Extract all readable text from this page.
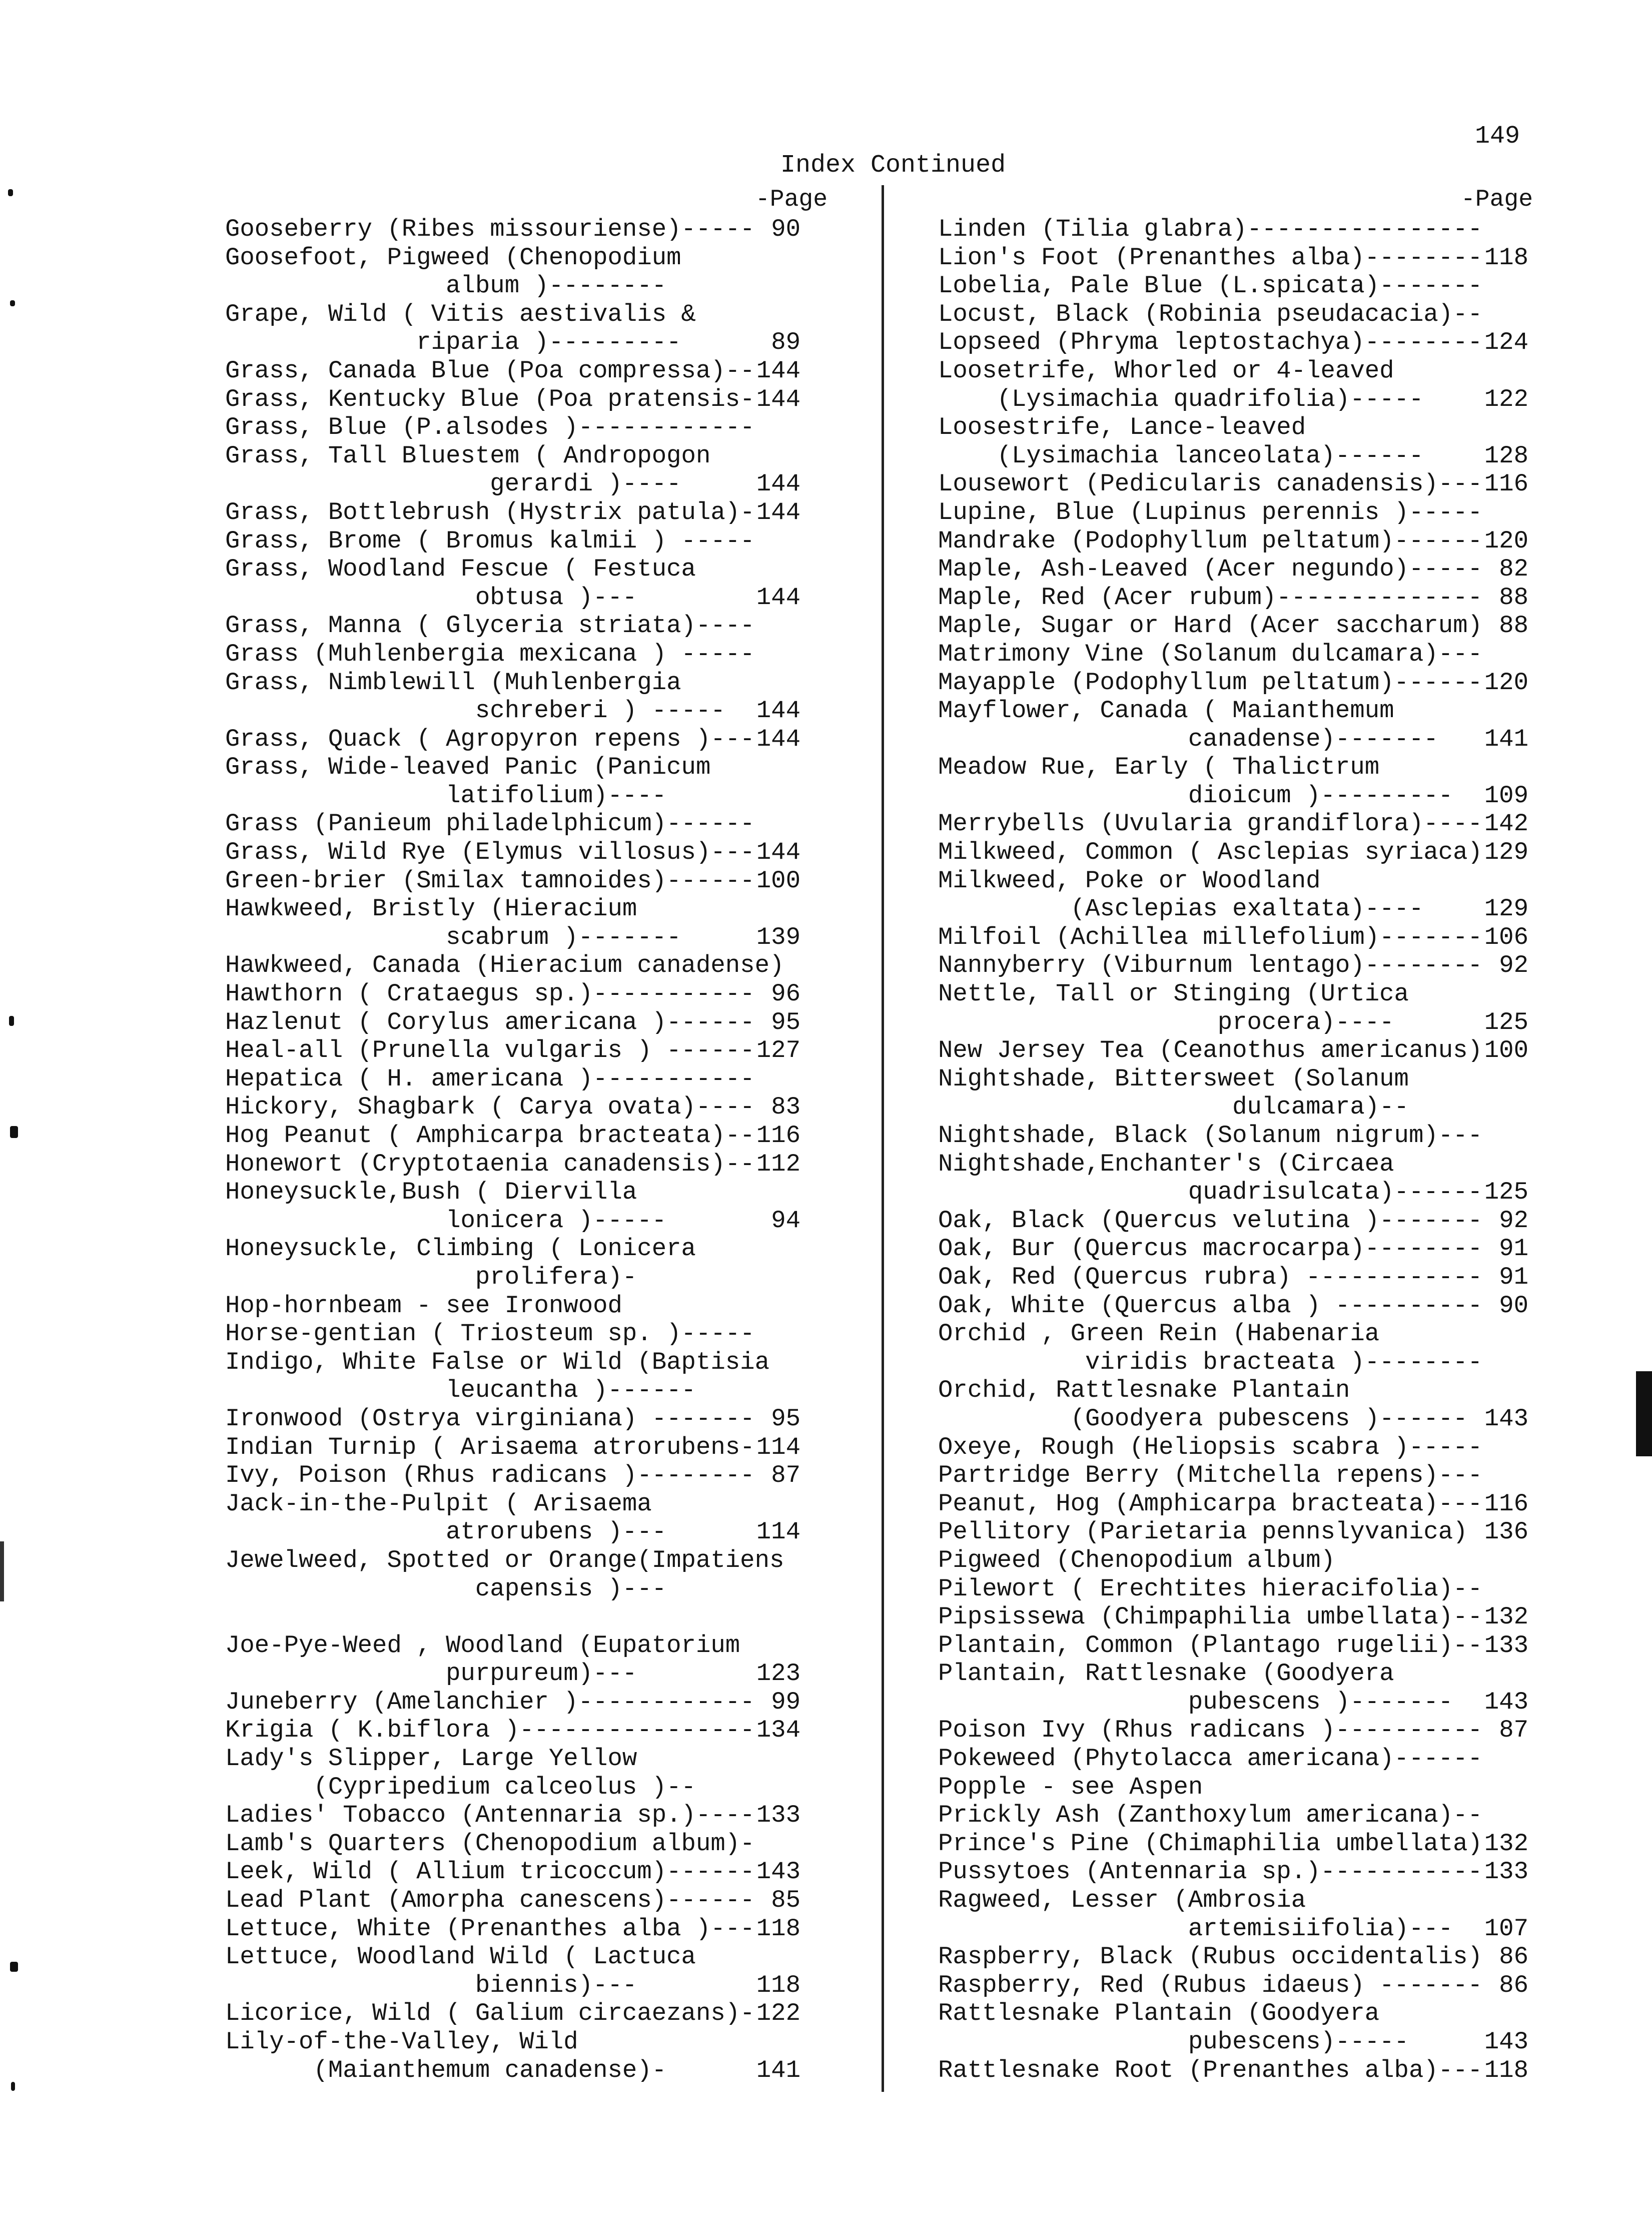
149
Index Continued
-Page	-Page
Gooseberry (Ribes missouriense)----- 90
Goosefoot, Pigweed (Chenopodium
album )--------
Grape, Wild ( Vitis aestivalis &
riparia )---------	89
Grass, Canada Blue (Poa compressa)-- 144
Grass, Kentucky Blue (Poa pratensis- 144
Grass, Blue (P.alsodes )------------
Grass, Tall Bluestem ( Andropogon
gerardi )----	144
Grass, Bottlebrush (Hystrix patula)- 144
Grass, Brome ( Bromus kalmii ) -----
Grass, Woodland Fescue ( Festuca
obtusa )---	144
Grass, Manna ( Glyceria striata)----
Grass (Muhlenbergia mexicana ) -----
Grass, Nimblewill (Muhlenbergia
schreberi ) ----- 144
Grass, Quack ( Agropyron repens )--- 144
Grass, Wide-leaved Panic (Panicum
latifolium)----
Grass (Panieum philadelphicum)------
Grass, Wild Rye (Elymus villosus)--- 144
Green-brier (Smilax tamnoides)------ 100
Hawkweed, Bristly (Hieracium
scabrum )-------	139
Hawkweed, Canada (Hieracium canadense)
Hawthorn ( Crataegus sp.)----------- 96
Hazlenut ( Corylus americana )------ 95
Heal-all (Prunella vulgaris ) ------ 127
Hepatica ( H. americana )-----------
Hickory, Shagbark ( Carya ovata)---- 83
Hog Peanut ( Amphicarpa bracteata)-- 116
Honewort (Cryptotaenia canadensis)-- 112
Honeysuckle,Bush ( Diervilla
lonicera )-----	94
Honeysuckle, Climbing ( Lonicera
prolifera)-
Hop-hornbeam - see Ironwood
Horse-gentian ( Triosteum sp. )-----
Indigo, White False or Wild (Baptisia
leucantha )------
Ironwood (Ostrya virginiana) ------- 95
Indian Turnip ( Arisaema atrorubens- 114
Ivy, Poison (Rhus radicans )-------- 87
Jack-in-the-Pulpit ( Arisaema
atrorubens )---	114
Jewelweed, Spotted or Orange(Impatiens
capensis )---
Joe-Pye-Weed , Woodland (Eupatorium
purpureum)---	123
Juneberry (Amelanchier )------------ 99
Krigia ( K.biflora )---------------- 134
Lady's Slipper, Large Yellow
(Cypripedium calceolus )--
Ladies' Tobacco (Antennaria sp.)---- 133
Lamb's Quarters (Chenopodium album)-
Leek, Wild ( Allium tricoccum)------ 143
Lead Plant (Amorpha canescens)------ 85
Lettuce, White (Prenanthes alba )--- 118
Lettuce, Woodland Wild ( Lactuca
biennis)---	118
Licorice, Wild ( Galium circaezans)- 122
Lily-of-the-Valley, Wild
(Maianthemum canadense)-	141
Linden (Tilia glabra)----------------
Lion's Foot (Prenanthes alba)-------- 118
Lobelia, Pale Blue (L.spicata)-------
Locust, Black (Robinia pseudacacia)--
Lopseed (Phryma leptostachya)-------- 124
Loosetrife, Whorled or 4-leaved
(Lysimachia quadrifolia)----- 122
Loosestrife, Lance-leaved
(Lysimachia lanceolata)------ 128
Lousewort (Pedicularis canadensis)--- 116
Lupine, Blue (Lupinus perennis )-----
Mandrake (Podophyllum peltatum)------ 120
Maple, Ash-Leaved (Acer negundo)----- 82
Maple, Red (Acer rubum)-------------- 88
Maple, Sugar or Hard (Acer saccharum) 88
Matrimony Vine (Solanum dulcamara)---
Mayapple (Podophyllum peltatum)------ 120
Mayflower, Canada ( Maianthemum
canadense)------- 141
Meadow Rue, Early ( Thalictrum
dioicum )--------- 109
Merrybells (Uvularia grandiflora)---- 142
Milkweed, Common ( Asclepias syriaca) 129
Milkweed, Poke or Woodland
(Asclepias exaltata)---- 129
Milfoil (Achillea millefolium)------- 106
Nannyberry (Viburnum lentago)-------- 92
Nettle, Tall or Stinging (Urtica
procera)----	125
New Jersey Tea (Ceanothus americanus) 100
Nightshade, Bittersweet (Solanum
dulcamara)--
Nightshade, Black (Solanum nigrum)---
Nightshade,Enchanter's (Circaea
quadrisulcata)------ 125
Oak, Black (Quercus velutina )------- 92
Oak, Bur (Quercus macrocarpa)-------- 91
Oak, Red (Quercus rubra) ------------ 91
Oak, White (Quercus alba ) ---------- 90
Orchid , Green Rein (Habenaria
viridis bracteata )--------
Orchid, Rattlesnake Plantain
(Goodyera pubescens )------ 143
Oxeye, Rough (Heliopsis scabra )-----
Partridge Berry (Mitchella repens)---
Peanut, Hog (Amphicarpa bracteata)--- 116
Pellitory (Parietaria pennslyvanica) 136
Pigweed (Chenopodium album)
Pilewort ( Erechtites hieracifolia)--
Pipsissewa (Chimpaphilia umbellata)-- 132
Plantain, Common (Plantago rugelii)-- 133
Plantain, Rattlesnake (Goodyera
pubescens )------- 143
Poison Ivy (Rhus radicans )---------- 87
Pokeweed (Phytolacca americana)------
Popple - see Aspen
Prickly Ash (Zanthoxylum americana)--
Prince's Pine (Chimaphilia umbellata) 132
Pussytoes (Antennaria sp.)----------- 133
Ragweed, Lesser (Ambrosia
artemisiifolia)--- 107
Raspberry, Black (Rubus occidentalis) 86
Raspberry, Red (Rubus idaeus) ------- 86
Rattlesnake Plantain (Goodyera
pubescens)-----	143
Rattlesnake Root (Prenanthes alba)--- 118
